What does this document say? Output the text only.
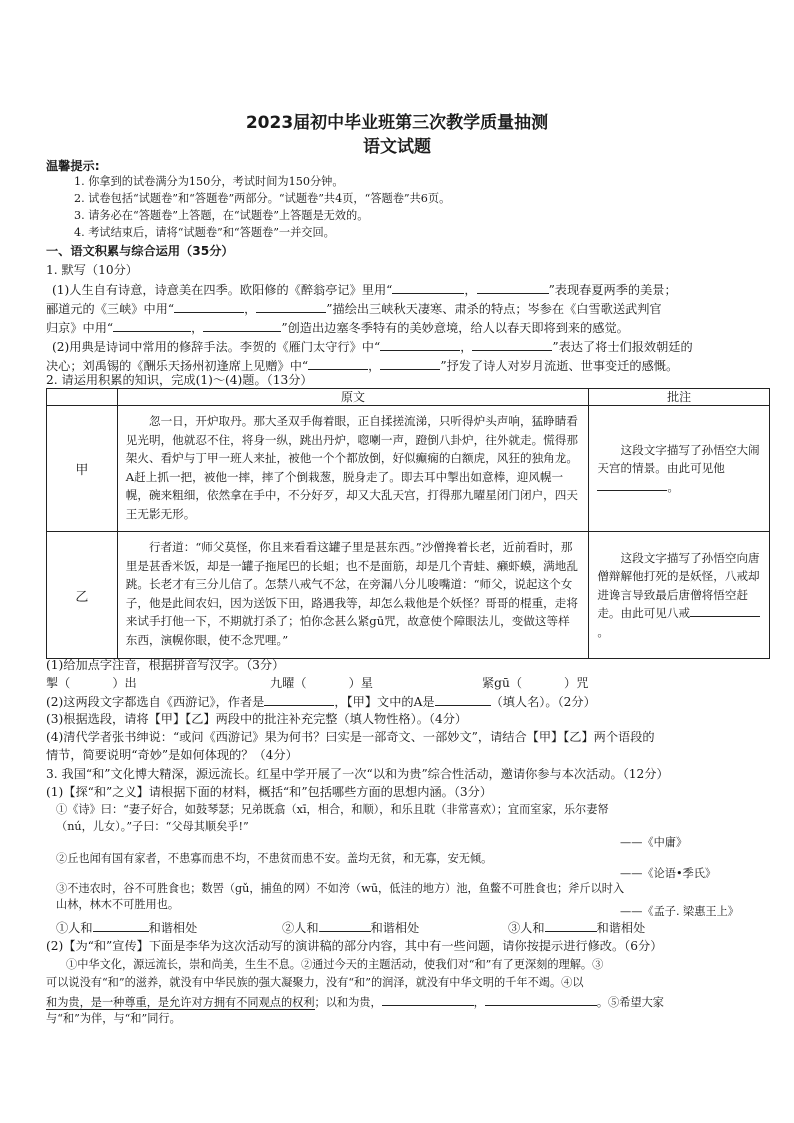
2023届初中毕业班第三次教学质量抽测
语文试题
温馨提示:
1. 你拿到的试卷满分为150分，考试时间为150分钟。
2. 试卷包括“试题卷”和“答题卷”两部分。“试题卷”共4页，“答题卷”共6页。
3. 请务必在“答题卷”上答题，在“试题卷”上答题是无效的。
4. 考试结束后，请将“试题卷”和“答题卷”一并交回。
一、语文积累与综合运用（35分）
1. 默写（10分）
(1)人生自有诗意，诗意美在四季。欧阳修的《醉翁亭记》里用“	，	”表现春夏两季的美景；
郦道元的《三峡》中用“	，	”描绘出三峡秋天凄寒、肃杀的特点；岑参在《白雪歌送武判官
归京》中用“	，	”创造出边塞冬季特有的美妙意境，给人以春天即将到来的感觉。
(2)用典是诗词中常用的修辞手法。李贺的《雁门太守行》中“	，	”表达了将士们报效朝廷的
决心；刘禹锡的《酬乐天扬州初逢席上见赠》中“	，	”抒发了诗人对岁月流逝、世事变迁的感慨。
2. 请运用积累的知识，完成(1)～(4)题。（13分）
	原文	批注
甲	忽一日，开炉取丹。那大圣双手侮着眼，正自揉搓流涕，只听得炉头声响，猛睁睛看见光明，他就忍不住，将身一纵，跳出丹炉，唿喇一声，蹬倒八卦炉，往外就走。慌得那架火、看炉与丁甲一班人来扯，被他一个个都放倒，好似癫痫的白额虎，风狂的独角龙。A赶上抓一把，被他一摔，摔了个倒栽葱，脱身走了。即去耳中掣出如意棒，迎风幌一幌，碗来粗细，依然拿在手中，不分好歹，却又大乱天宫，打得那九曜星闭门闭户，四天王无影无形。	这段文字描写了孙悟空大闹天宫的情景。由此可见他。

乙	行者道：“师父莫怪，你且来看看这罐子里是甚东西。”沙僧搀着长老，近前看时，那里是甚香米饭，却是一罐子拖尾巴的长蛆；也不是面筋，却是几个青蛙、癞虾蟆，满地乱跳。长老才有三分儿信了。怎禁八戒气不忿，在旁漏八分儿唆嘴道：“师父，说起这个女子，他是此间农妇，因为送饭下田，路遇我等，却怎么栽他是个妖怪？哥哥的棍重，走将来试手打他一下，不期就打杀了；怕你念甚么紧gū咒，故意使个障眼法儿，变做这等样东西，演幌你眼，使不念咒哩。”	这段文字描写了孙悟空向唐僧辩解他打死的是妖怪，八戒却进谗言导致最后唐僧将悟空赶走。由此可见八戒。
(1)给加点字注音，根据拼音写汉字。（3分）
掣（	）出	九曜（	）星	紧gū（	）咒
(2)这两段文字都选自《西游记》，作者是	，【甲】文中的A是	（填人名）。（2分）
(3)根据选段，请将【甲】【乙】两段中的批注补充完整（填人物性格）。（4分）
(4)清代学者张书绅说：“或问《西游记》果为何书？曰实是一部奇文、一部妙文”，请结合【甲】【乙】两个语段的
情节，简要说明“奇妙”是如何体现的？（4分）
3. 我国“和”文化博大精深，源远流长。红星中学开展了一次“以和为贵”综合性活动，邀请你参与本次活动。（12分）
(1)【探“和”之义】请根据下面的材料，概括“和”包括哪些方面的思想内涵。（3分）
①《诗》曰：“妻子好合，如鼓琴瑟；兄弟既翕（xī，相合，和顺），和乐且耽（非常喜欢）；宜而室家，乐尔妻帑
（nú，儿女）。”子曰：“父母其顺矣乎!”
——《中庸》
②丘也闻有国有家者，不患寡而患不均，不患贫而患不安。盖均无贫，和无寡，安无倾。
——《论语•季氏》
③不违农时，谷不可胜食也；数罟（gǔ，捕鱼的网）不如洿（wū，低洼的地方）池，鱼鳖不可胜食也；斧斤以时入
山林，林木不可胜用也。
——《孟子. 梁惠王上》
①人和	和谐相处	②人和	和谐相处	③人和	和谐相处
(2)【为“和”宣传】下面是李华为这次活动写的演讲稿的部分内容，其中有一些问题，请你按提示进行修改。（6分）
①中华文化，源远流长，崇和尚美，生生不息。②通过今天的主题活动，使我们对“和”有了更深刻的理解。③
可以说没有“和”的滋养，就没有中华民族的强大凝聚力，没有“和”的润泽，就没有中华文明的千年不竭。④以
和为贵，是一种尊重，是允许对方拥有不同观点的权利；以和为贵，	，	。⑤希望大家
与“和”为伴，与“和”同行。
